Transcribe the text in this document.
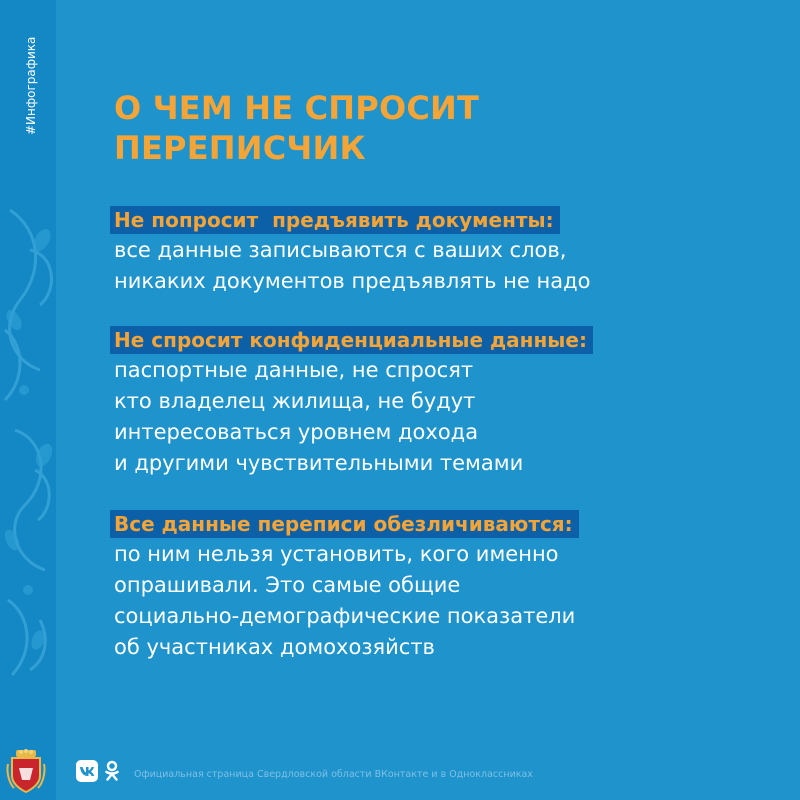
#Инфографика О ЧЕМ НЕ СПРОСИТ
ПЕРЕПИСЧИК
Не попросит  предъявить документы:
все данные записываются с ваших слов,
никаких документов предъявлять не надо
Не спросит конфиденциальные данные:
паспортные данные, не спросят
кто владелец жилища, не будут
интересоваться уровнем дохода
и другими чувствительными темами
Все данные переписи обезличиваются:
по ним нельзя установить, кого именно
опрашивали. Это самые общие
социально-демографические показатели
об участниках домохозяйств
Официальная страница Свердловской области ВКонтакте и в Одноклассниках
